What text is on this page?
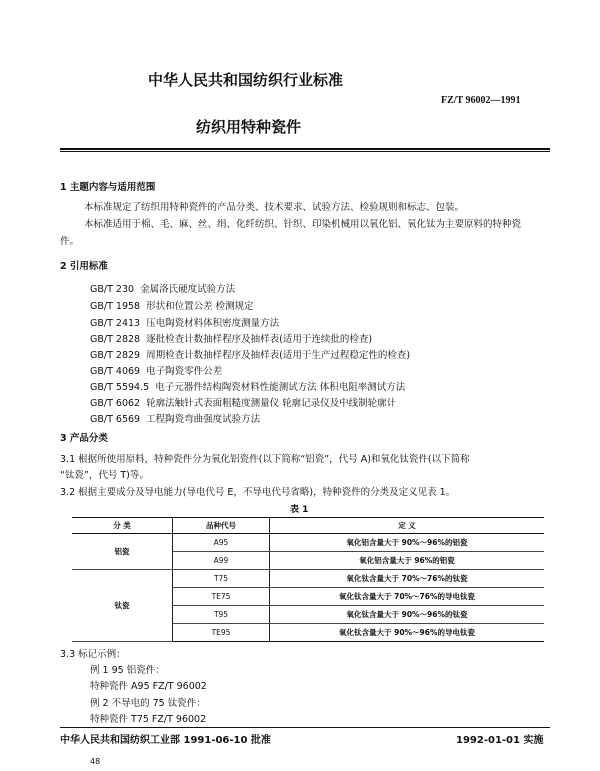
中华人民共和国纺织行业标准
FZ/T 96002—1991
纺织用特种瓷件
1 主题内容与适用范围
本标准规定了纺织用特种瓷件的产品分类、技术要求、试验方法、检验规则和标志、包装。
本标准适用于棉、毛、麻、丝、绢、化纤纺织、针织、印染机械用以氧化铝、氧化钛为主要原料的特种瓷
件。
2 引用标准
GB/T 230 金属洛氏硬度试验方法
GB/T 1958 形状和位置公差 检测规定
GB/T 2413 压电陶瓷材料体积密度测量方法
GB/T 2828 逐批检查计数抽样程序及抽样表(适用于连续批的检查)
GB/T 2829 周期检查计数抽样程序及抽样表(适用于生产过程稳定性的检查)
GB/T 4069 电子陶瓷零件公差
GB/T 5594.5 电子元器件结构陶瓷材料性能测试方法 体积电阻率测试方法
GB/T 6062 轮廓法触针式表面粗糙度测量仪 轮廓记录仪及中线制轮廓计
GB/T 6569 工程陶瓷弯曲强度试验方法
3 产品分类
3.1 根据所使用原料，特种瓷件分为氧化铝瓷件(以下简称“铝瓷”，代号 A)和氧化钛瓷件(以下简称
“钛瓷”，代号 T)等。
3.2 根据主要成分及导电能力(导电代号 E，不导电代号省略)，特种瓷件的分类及定义见表 1。
表 1
分 类	品种代号	定 义
铝瓷	A95	氧化铝含量大于 90%～96%的铝瓷
	A99	氧化铝含量大于 96%的铝瓷
钛瓷	T75	氧化钛含量大于 70%～76%的钛瓷
	TE75	氧化钛含量大于 70%～76%的导电钛瓷
	T95	氧化钛含量大于 90%～96%的钛瓷
	TE95	氧化钛含量大于 90%～96%的导电钛瓷
3.3 标记示例：
例 1 95 铝瓷件：
特种瓷件 A95 FZ/T 96002
例 2 不导电的 75 钛瓷件：
特种瓷件 T75 FZ/T 96002
中华人民共和国纺织工业部 1991-06-10 批准	1992-01-01 实施
48
